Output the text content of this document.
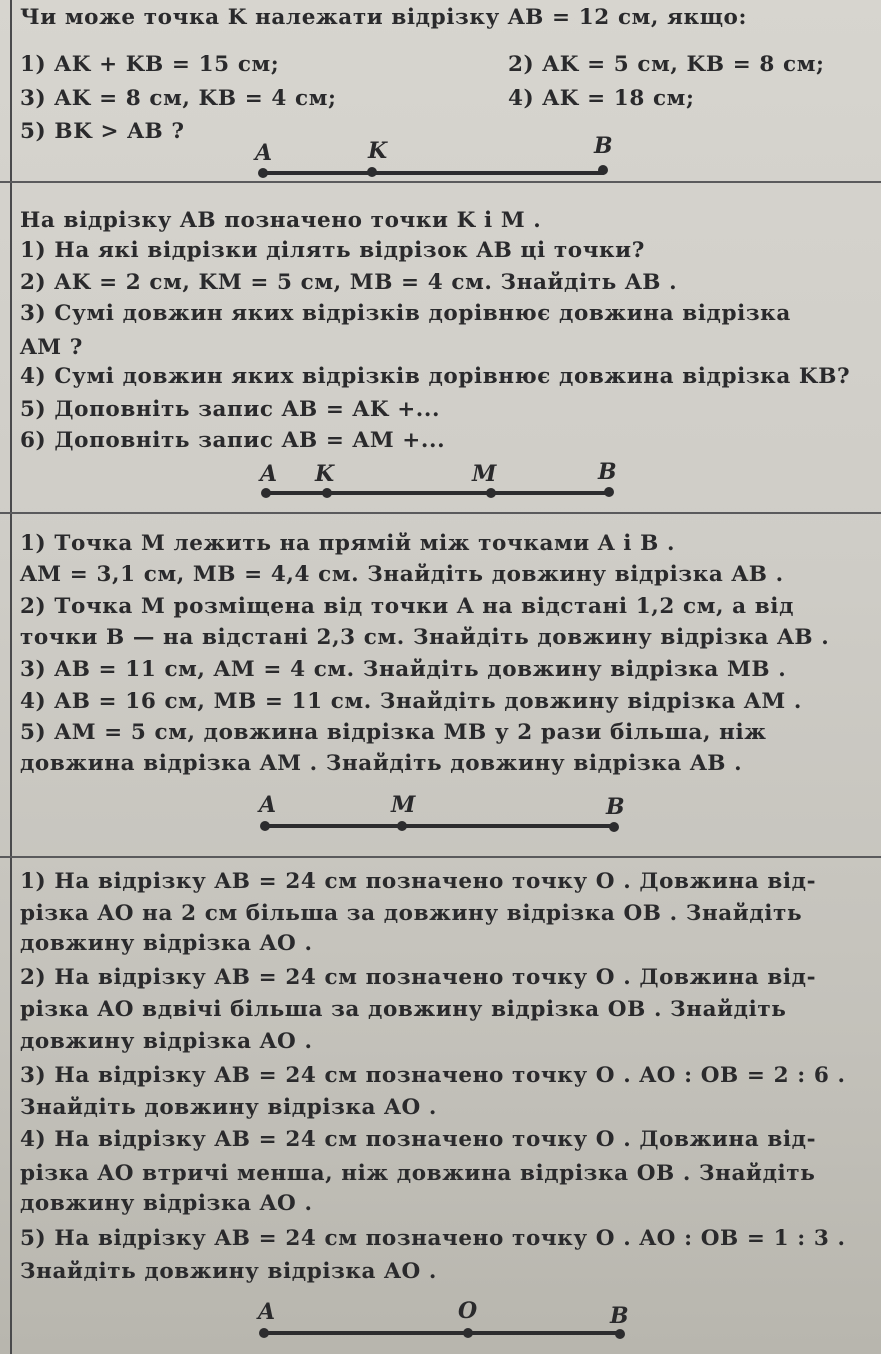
Чи може точка K належати відрізку AB = 12 см, якщо:
1) AK + KB = 15 см;	2) AK = 5 см, KB = 8 см;
3) AK = 8 см, KB = 4 см;	4) AK = 18 см;
5) BK > AB ?
A	K	B
На відрізку AB позначено точки K і M .
1) На які відрізки ділять відрізок AB ці точки?
2) AK = 2 см, KM = 5 см, MB = 4 см. Знайдіть AB .
3) Сумі довжин яких відрізків дорівнює довжина відрізка
AM ?
4) Сумі довжин яких відрізків дорівнює довжина відрізка KB?
5) Доповніть запис AB = AK +...
6) Доповніть запис AB = AM +...
A K	M	B
1) Точка M лежить на прямій між точками A і B .
AM = 3,1 см, MB = 4,4 см. Знайдіть довжину відрізка AB .
2) Точка M розміщена від точки A на відстані 1,2 см, а від
точки B — на відстані 2,3 см. Знайдіть довжину відрізка AB .
3) AB = 11 см, AM = 4 см. Знайдіть довжину відрізка MB .
4) AB = 16 см, MB = 11 см. Знайдіть довжину відрізка AM .
5) AM = 5 см, довжина відрізка MB у 2 рази більша, ніж
довжина відрізка AM . Знайдіть довжину відрізка AB .
A	M	B
1) На відрізку AB = 24 см позначено точку O . Довжина від-
різка AO на 2 см більша за довжину відрізка OB . Знайдіть
довжину відрізка AO .
2) На відрізку AB = 24 см позначено точку O . Довжина від-
різка AO вдвічі більша за довжину відрізка OB . Знайдіть
довжину відрізка AO .
3) На відрізку AB = 24 см позначено точку O . AO : OB = 2 : 6 .
Знайдіть довжину відрізка AO .
4) На відрізку AB = 24 см позначено точку O . Довжина від-
різка AO втричі менша, ніж довжина відрізка OB . Знайдіть
довжину відрізка AO .
5) На відрізку AB = 24 см позначено точку O . AO : OB = 1 : 3 .
Знайдіть довжину відрізка AO .
A	O	B
